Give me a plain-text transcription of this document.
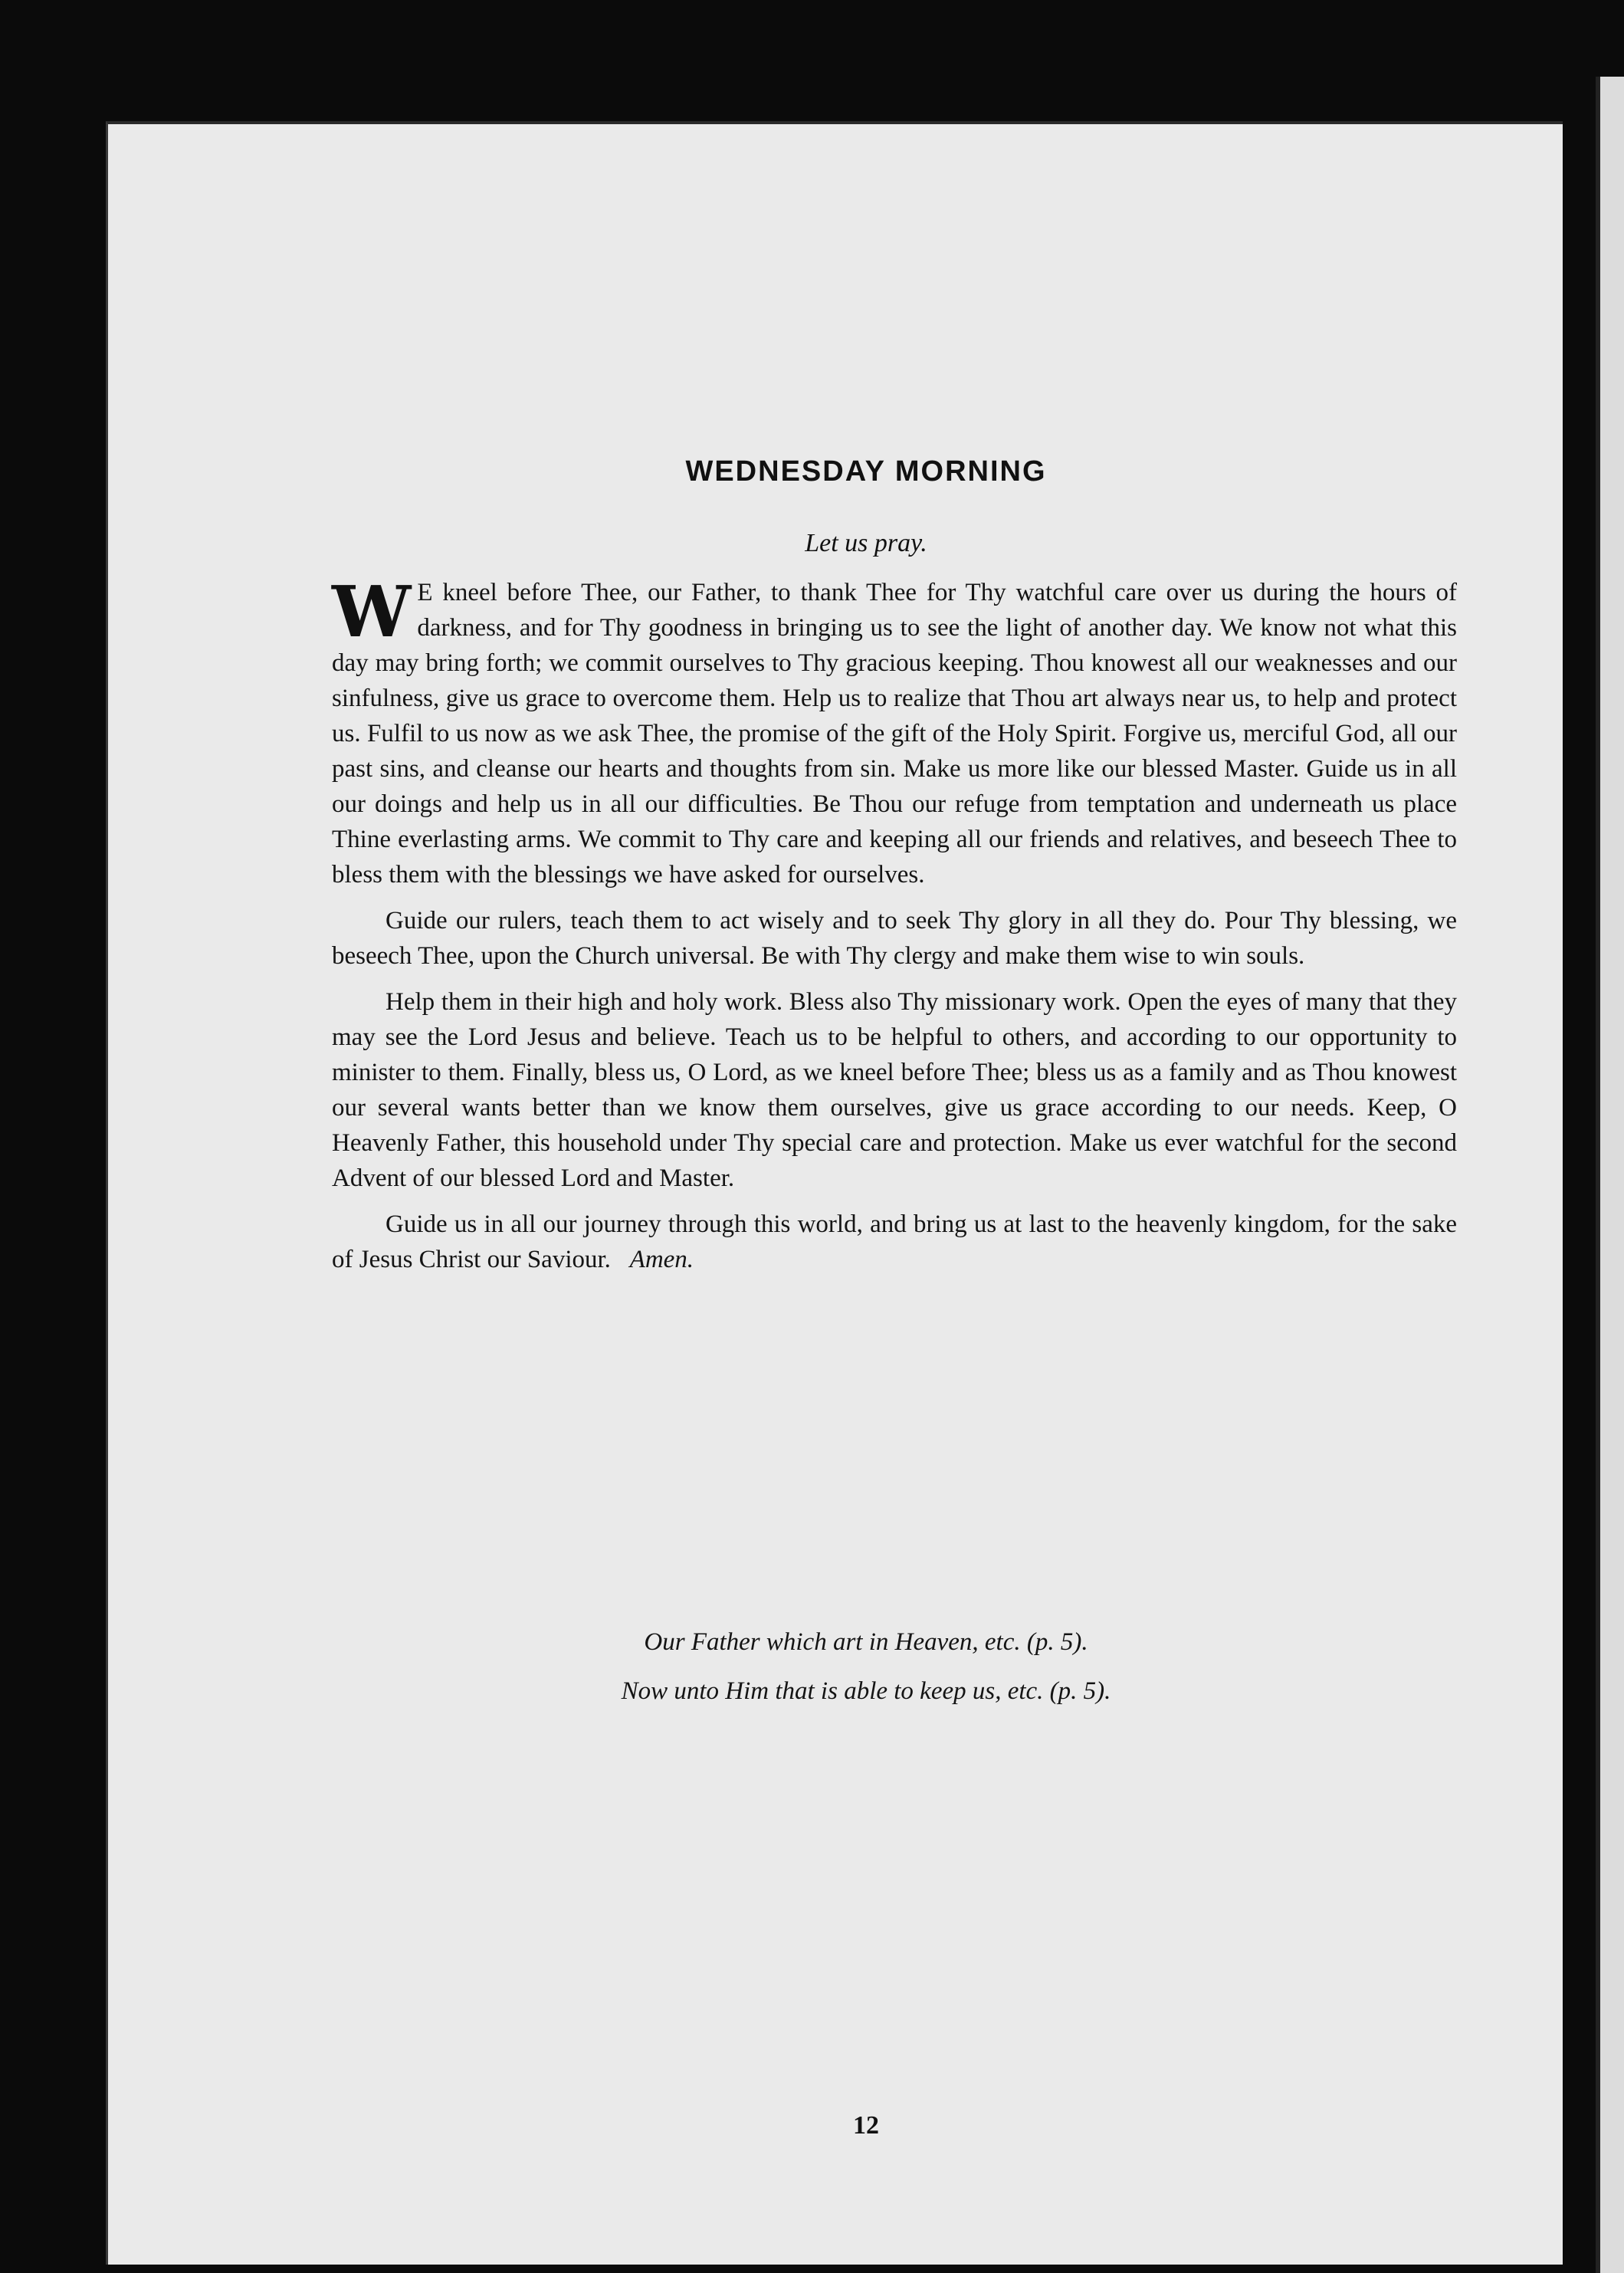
WEDNESDAY MORNING
Let us pray.

W E kneel before Thee, our Father, to thank Thee for Thy watchful care over us during the hours of darkness, and for Thy goodness in bringing us to see the light of another day. We know not what this day may bring forth; we commit ourselves to Thy gracious keeping. Thou knowest all our weaknesses and our sinfulness, give us grace to overcome them. Help us to realize that Thou art always near us, to help and protect us. Fulfil to us now as we ask Thee, the promise of the gift of the Holy Spirit. Forgive us, merciful God, all our past sins, and cleanse our hearts and thoughts from sin. Make us more like our blessed Master. Guide us in all our doings and help us in all our difficulties. Be Thou our refuge from temptation and underneath us place Thine everlasting arms. We commit to Thy care and keeping all our friends and relatives, and beseech Thee to bless them with the blessings we have asked for ourselves.

Guide our rulers, teach them to act wisely and to seek Thy glory in all they do. Pour Thy blessing, we beseech Thee, upon the Church universal. Be with Thy clergy and make them wise to win souls.

Help them in their high and holy work. Bless also Thy missionary work. Open the eyes of many that they may see the Lord Jesus and believe. Teach us to be helpful to others, and according to our opportunity to minister to them. Finally, bless us, O Lord, as we kneel before Thee; bless us as a family and as Thou knowest our several wants better than we know them ourselves, give us grace according to our needs. Keep, O Heavenly Father, this household under Thy special care and protection. Make us ever watchful for the second Advent of our blessed Lord and Master.

Guide us in all our journey through this world, and bring us at last to the heavenly kingdom, for the sake of Jesus Christ our Saviour. Amen.

Our Father which art in Heaven, etc. (p. 5).
Now unto Him that is able to keep us, etc. (p. 5).
12
